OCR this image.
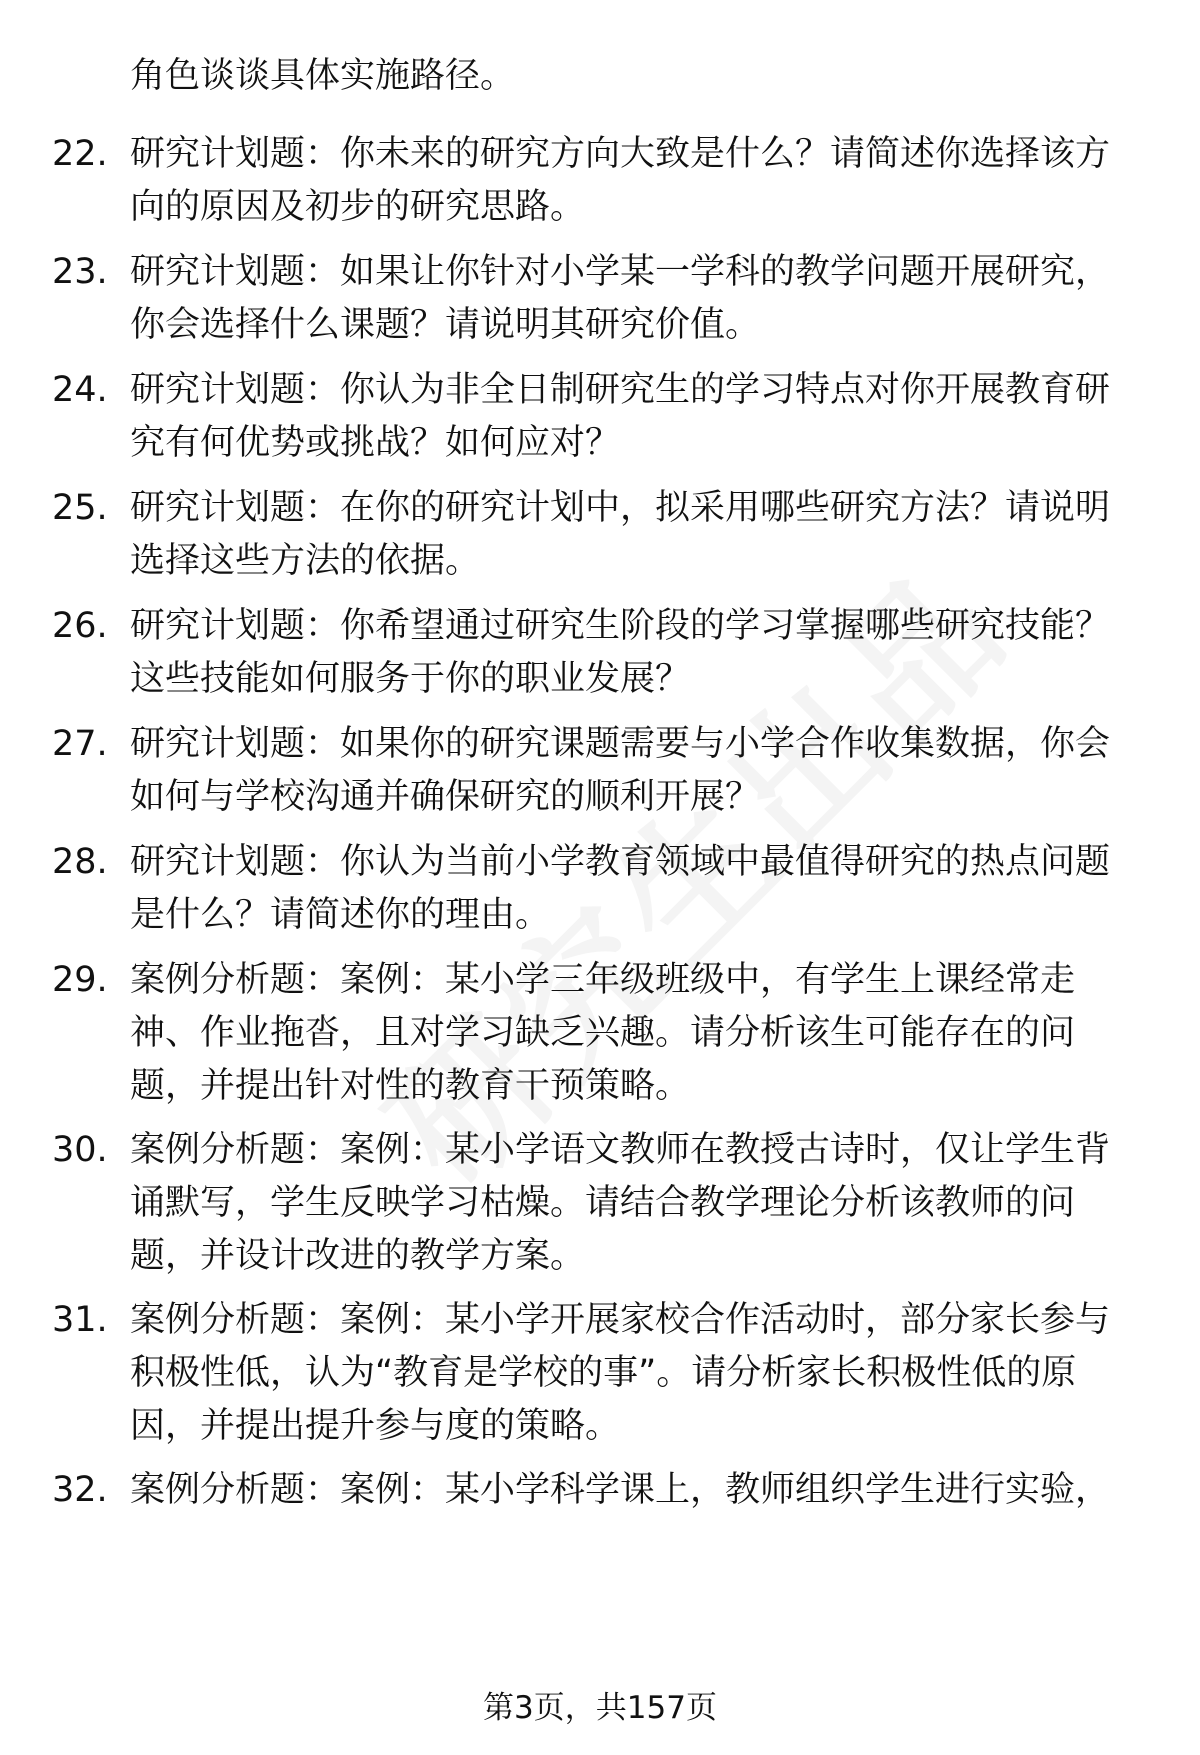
角色谈谈具体实施路径。
22. 研究计划题：你未来的研究方向大致是什么？请简述你选择该方
向的原因及初步的研究思路。
23. 研究计划题：如果让你针对小学某一学科的教学问题开展研究，
你会选择什么课题？请说明其研究价值。
24. 研究计划题：你认为非全日制研究生的学习特点对你开展教育研
究有何优势或挑战？如何应对？
25. 研究计划题：在你的研究计划中，拟采用哪些研究方法？请说明
选择这些方法的依据。
26. 研究计划题：你希望通过研究生阶段的学习掌握哪些研究技能？
这些技能如何服务于你的职业发展？
27. 研究计划题：如果你的研究课题需要与小学合作收集数据，你会
如何与学校沟通并确保研究的顺利开展？
28. 研究计划题：你认为当前小学教育领域中最值得研究的热点问题
是什么？请简述你的理由。
29. 案例分析题：案例：某小学三年级班级中，有学生上课经常走
神、作业拖沓，且对学习缺乏兴趣。请分析该生可能存在的问
题，并提出针对性的教育干预策略。
30. 案例分析题：案例：某小学语文教师在教授古诗时，仅让学生背
诵默写，学生反映学习枯燥。请结合教学理论分析该教师的问
题，并设计改进的教学方案。
31. 案例分析题：案例：某小学开展家校合作活动时，部分家长参与
积极性低，认为“教育是学校的事”。请分析家长积极性低的原
因，并提出提升参与度的策略。
32. 案例分析题：案例：某小学科学课上，教师组织学生进行实验，
第3页，共157页
